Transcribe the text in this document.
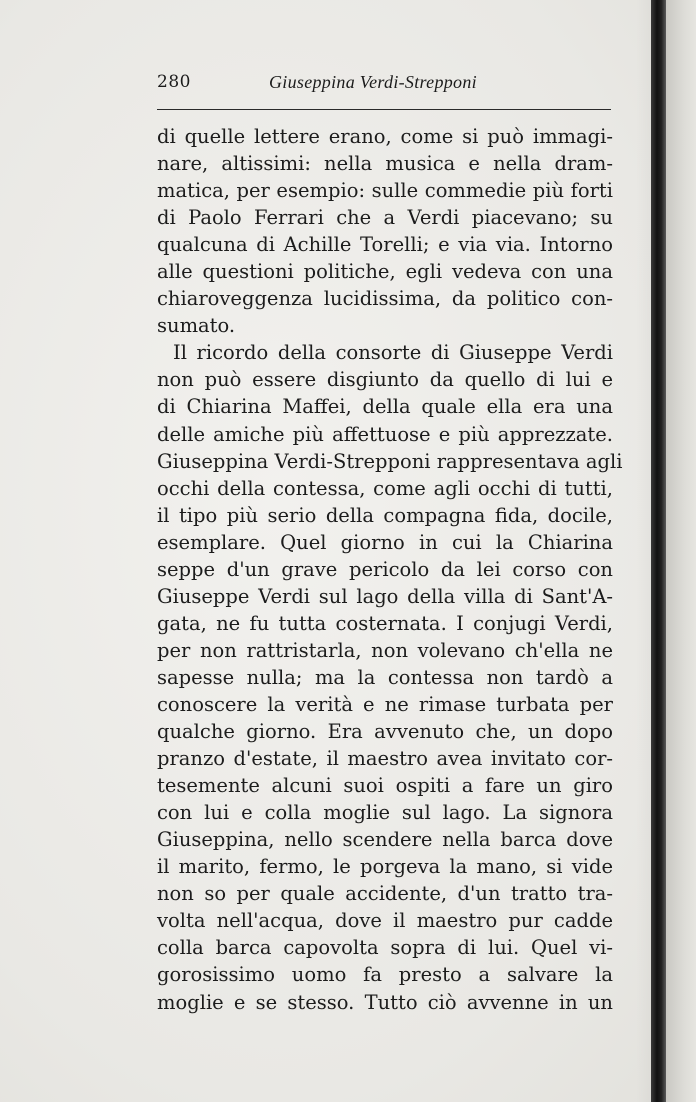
280	Giuseppina Verdi-Strepponi
di quelle lettere erano, come si può immagi-
nare, altissimi: nella musica e nella dram-
matica, per esempio: sulle commedie più forti
di Paolo Ferrari che a Verdi piacevano; su
qualcuna di Achille Torelli; e via via. Intorno
alle questioni politiche, egli vedeva con una
chiaroveggenza lucidissima, da politico con-
sumato.
Il ricordo della consorte di Giuseppe Verdi
non può essere disgiunto da quello di lui e
di Chiarina Maffei, della quale ella era una
delle amiche più affettuose e più apprezzate.
Giuseppina Verdi-Strepponi rappresentava agli
occhi della contessa, come agli occhi di tutti,
il tipo più serio della compagna fida, docile,
esemplare. Quel giorno in cui la Chiarina
seppe d'un grave pericolo da lei corso con
Giuseppe Verdi sul lago della villa di Sant'A-
gata, ne fu tutta costernata. I conjugi Verdi,
per non rattristarla, non volevano ch'ella ne
sapesse nulla; ma la contessa non tardò a
conoscere la verità e ne rimase turbata per
qualche giorno. Era avvenuto che, un dopo
pranzo d'estate, il maestro avea invitato cor-
tesemente alcuni suoi ospiti a fare un giro
con lui e colla moglie sul lago. La signora
Giuseppina, nello scendere nella barca dove
il marito, fermo, le porgeva la mano, si vide
non so per quale accidente, d'un tratto tra-
volta nell'acqua, dove il maestro pur cadde
colla barca capovolta sopra di lui. Quel vi-
gorosissimo uomo fa presto a salvare la
moglie e se stesso. Tutto ciò avvenne in un
